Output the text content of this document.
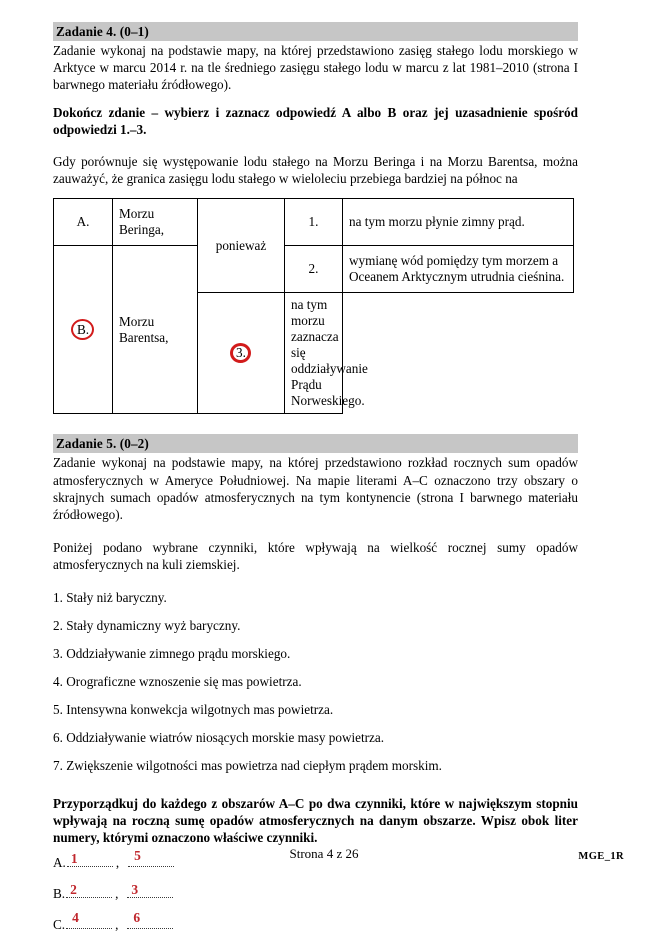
Zadanie 4. (0–1)
Zadanie wykonaj na podstawie mapy, na której przedstawiono zasięg stałego lodu morskiego w Arktyce w marcu 2014 r. na tle średniego zasięgu stałego lodu w marcu z lat 1981–2010 (strona I barwnego materiału źródłowego).
Dokończ zdanie – wybierz i zaznacz odpowiedź A albo B oraz jej uzasadnienie spośród odpowiedzi 1.–3.
Gdy porównuje się występowanie lodu stałego na Morzu Beringa i na Morzu Barentsa, można zauważyć, że granica zasięgu lodu stałego w wieloleciu przebiega bardziej na północ na
A.	Morzu Beringa,	ponieważ	1.	na tym morzu płynie zimny prąd.
B.	Morzu Barentsa,		2.	wymianę wód pomiędzy tym morzem a Oceanem Arktycznym utrudnia cieśnina.
		3.	na tym morzu zaznacza się oddziaływanie Prądu Norweskiego.	
Zadanie 5. (0–2)
Zadanie wykonaj na podstawie mapy, na której przedstawiono rozkład rocznych sum opadów atmosferycznych w Ameryce Południowej. Na mapie literami A–C oznaczono trzy obszary o skrajnych sumach opadów atmosferycznych na tym kontynencie (strona I barwnego materiału źródłowego).
Poniżej podano wybrane czynniki, które wpływają na wielkość rocznej sumy opadów atmosferycznych na kuli ziemskiej.
1. Stały niż baryczny.
2. Stały dynamiczny wyż baryczny.
3. Oddziaływanie zimnego prądu morskiego.
4. Orograficzne wznoszenie się mas powietrza.
5. Intensywna konwekcja wilgotnych mas powietrza.
6. Oddziaływanie wiatrów niosących morskie masy powietrza.
7. Zwiększenie wilgotności mas powietrza nad ciepłym prądem morskim.
Przyporządkuj do każdego z obszarów A–C po dwa czynniki, które w największym stopniu wpływają na roczną sumę opadów atmosferycznych na danym obszarze. Wpisz obok liter numery, którymi oznaczono właściwe czynniki.
A. 1	, 5
B. 2	, 3
C. 4	, 6
Strona 4 z 26	MGE_1R
